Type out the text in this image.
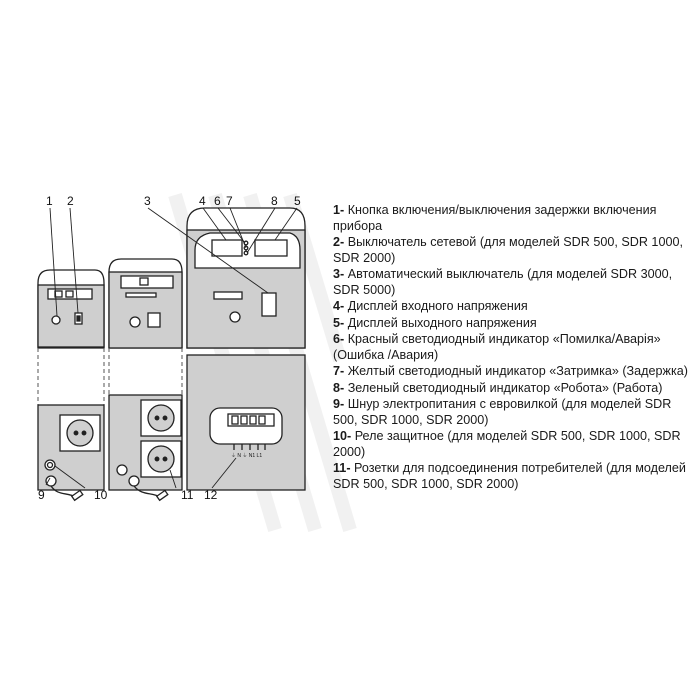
⏚ N ⏚ N1 L1
1 2	3	4 6 7	8 5
9	10	11 12
1- Кнопка включения/выключения задержки включения прибора
2- Выключатель сетевой (для моделей SDR 500, SDR 1000, SDR 2000)
3- Автоматический выключатель (для моделей SDR 3000, SDR 5000)
4- Дисплей входного напряжения
5- Дисплей выходного напряжения
6- Красный светодиодный индикатор «Помилка/Аварія» (Ошибка /Авария)
7- Желтый светодиодный индикатор «Затримка» (Задержка)
8- Зеленый светодиодный индикатор «Робота» (Работа)
9- Шнур электропитания с евровилкой (для моделей SDR 500, SDR 1000, SDR 2000)
10- Реле защитное (для моделей SDR 500, SDR 1000, SDR 2000)
11- Розетки для подсоединения потребителей (для моделей SDR 500, SDR 1000, SDR 2000)
